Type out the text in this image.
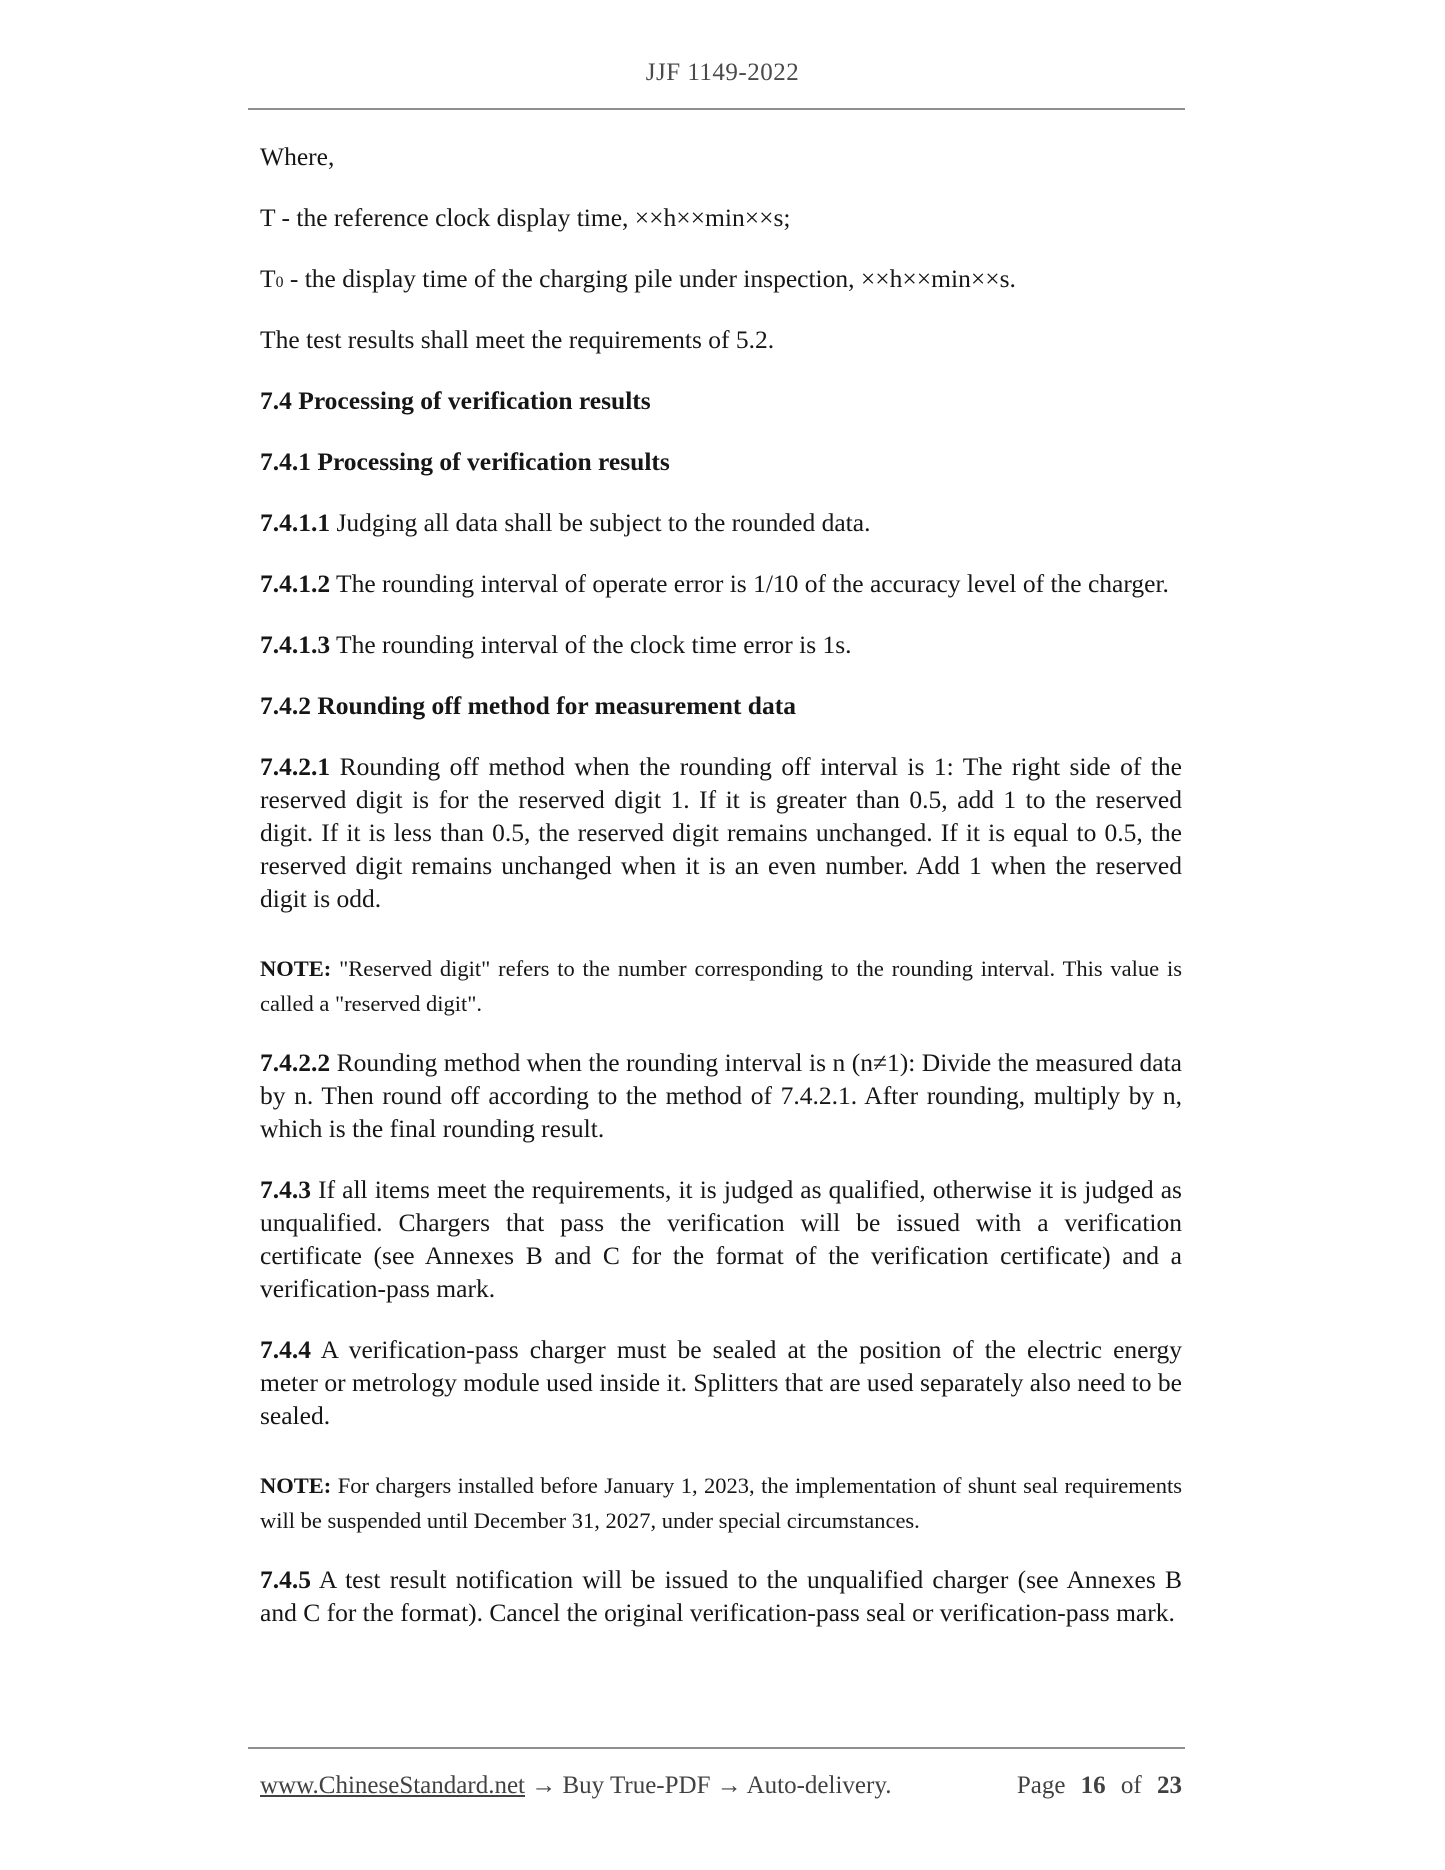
JJF 1149-2022

Where,

T - the reference clock display time, ××h××min××s;

T0 - the display time of the charging pile under inspection, ××h××min××s.

The test results shall meet the requirements of 5.2.

7.4 Processing of verification results

7.4.1 Processing of verification results

7.4.1.1 Judging all data shall be subject to the rounded data.

7.4.1.2 The rounding interval of operate error is 1/10 of the accuracy level of the charger.

7.4.1.3 The rounding interval of the clock time error is 1s.

7.4.2 Rounding off method for measurement data

7.4.2.1 Rounding off method when the rounding off interval is 1: The right side of the reserved digit is for the reserved digit 1. If it is greater than 0.5, add 1 to the reserved digit. If it is less than 0.5, the reserved digit remains unchanged. If it is equal to 0.5, the reserved digit remains unchanged when it is an even number. Add 1 when the reserved digit is odd.

NOTE: "Reserved digit" refers to the number corresponding to the rounding interval. This value is called a "reserved digit".

7.4.2.2 Rounding method when the rounding interval is n (n≠1): Divide the measured data by n. Then round off according to the method of 7.4.2.1. After rounding, multiply by n, which is the final rounding result.

7.4.3 If all items meet the requirements, it is judged as qualified, otherwise it is judged as unqualified. Chargers that pass the verification will be issued with a verification certificate (see Annexes B and C for the format of the verification certificate) and a verification-pass mark.

7.4.4 A verification-pass charger must be sealed at the position of the electric energy meter or metrology module used inside it. Splitters that are used separately also need to be sealed.

NOTE: For chargers installed before January 1, 2023, the implementation of shunt seal requirements will be suspended until December 31, 2027, under special circumstances.

7.4.5 A test result notification will be issued to the unqualified charger (see Annexes B and C for the format). Cancel the original verification-pass seal or verification-pass mark.

www.ChineseStandard.net → Buy True-PDF → Auto-delivery.	Page 16 of 23
